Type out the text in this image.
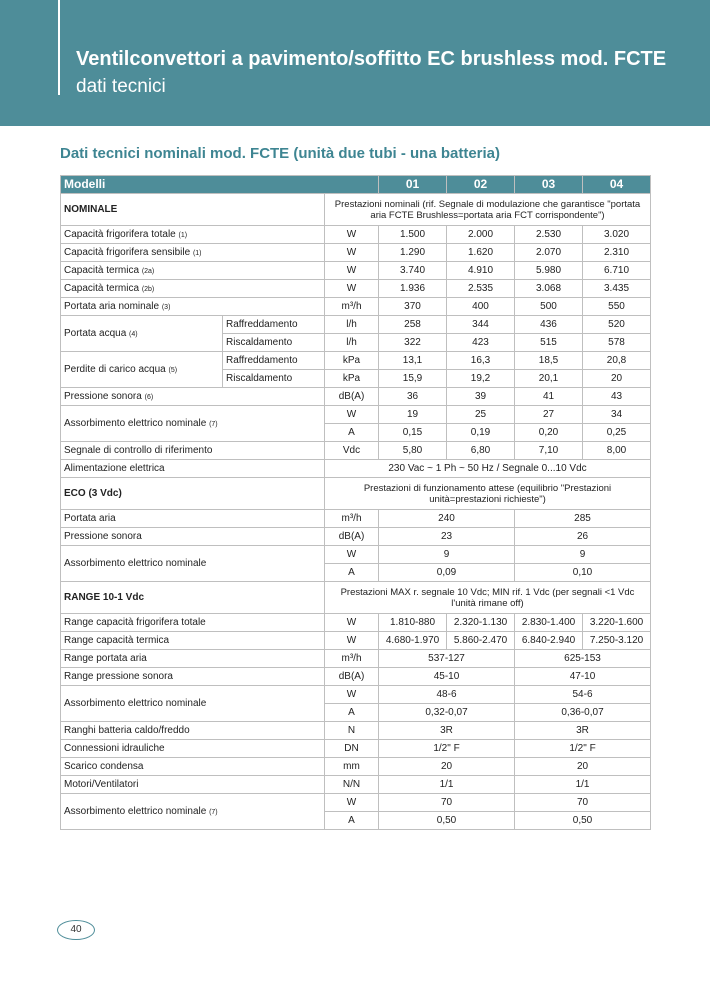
Ventilconvettori a pavimento/soffitto EC brushless mod. FCTE
dati tecnici
Dati tecnici nominali mod. FCTE (unità due tubi - una batteria)
Modelli			01	02	03	04
NOMINALE		Prestazioni nominali (rif. Segnale di modulazione che garantisce "portata aria FCTE Brushless=portata aria FCT corrispondente")				
Capacità frigorifera totale (1)		W	1.500	2.000	2.530	3.020
Capacità frigorifera sensibile (1)		W	1.290	1.620	2.070	2.310
Capacità termica (2a)		W	3.740	4.910	5.980	6.710
Capacità termica (2b)		W	1.936	2.535	3.068	3.435
Portata aria nominale (3)		m³/h	370	400	500	550
Portata acqua (4)	Raffreddamento	l/h	258	344	436	520
	Riscaldamento	l/h	322	423	515	578
Perdite di carico acqua (5)	Raffreddamento	kPa	13,1	16,3	18,5	20,8
	Riscaldamento	kPa	15,9	19,2	20,1	20
Pressione sonora (6)		dB(A)	36	39	41	43
Assorbimento elettrico nominale (7)		W	19	25	27	34
		A	0,15	0,19	0,20	0,25
Segnale di controllo di riferimento		Vdc	5,80	6,80	7,10	8,00
Alimentazione elettrica		230 Vac ~ 1 Ph ~ 50 Hz / Segnale 0...10 Vdc				
ECO (3 Vdc)		Prestazioni di funzionamento attese (equilibrio "Prestazioni unità=prestazioni richieste")				
Portata aria		m³/h	240		285	
Pressione sonora		dB(A)	23		26	
Assorbimento elettrico nominale		W	9		9	
		A	0,09		0,10	
RANGE 10-1 Vdc		Prestazioni MAX r. segnale 10 Vdc; MIN rif. 1 Vdc (per segnali <1 Vdc l'unità rimane off)				
Range capacità frigorifera totale		W	1.810-880	2.320-1.130	2.830-1.400	3.220-1.600
Range capacità termica		W	4.680-1.970	5.860-2.470	6.840-2.940	7.250-3.120
Range portata aria		m³/h	537-127		625-153	
Range pressione sonora		dB(A)	45-10		47-10	
Assorbimento elettrico nominale		W	48-6		54-6	
		A	0,32-0,07		0,36-0,07	
Ranghi batteria caldo/freddo		N	3R		3R	
Connessioni idrauliche		DN	1/2" F		1/2" F	
Scarico condensa		mm	20		20	
Motori/Ventilatori		N/N	1/1		1/1	
Assorbimento elettrico nominale (7)		W	70		70	
		A	0,50		0,50	
40
